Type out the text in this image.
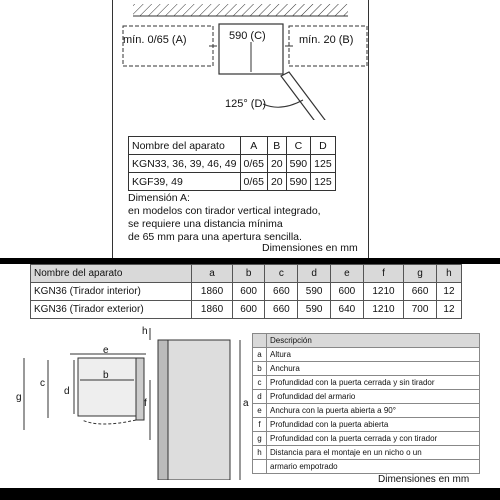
mín. 0/65 (A)	590 (C)	mín. 20 (B)
125° (D)
Nombre del aparato	A	B	C	D
KGN33, 36, 39, 46, 49	0/65	20	590	125
KGF39, 49	0/65	20	590	125
Dimensión A:
en modelos con tirador vertical integrado,
se requiere una distancia mínima
de 65 mm para una apertura sencilla.
Dimensiones en mm
Nombre del aparato	a	b	c	d	e	f	g	h
KGN36 (Tirador interior)	1860	600	660	590	600	1210	660	12
KGN36 (Tirador exterior)	1860	600	660	590	640	1210	700	12
e
b
c
d
g
h
f	a
	Descripción
a	Altura
b	Anchura
c	Profundidad con la puerta cerrada y sin tirador
d	Profundidad del armario
e	Anchura con la puerta abierta a 90°
f	Profundidad con la puerta abierta
g	Profundidad con la puerta cerrada y con tirador
h	Distancia para el montaje en un nicho o un
	armario empotrado
Dimensiones en mm
